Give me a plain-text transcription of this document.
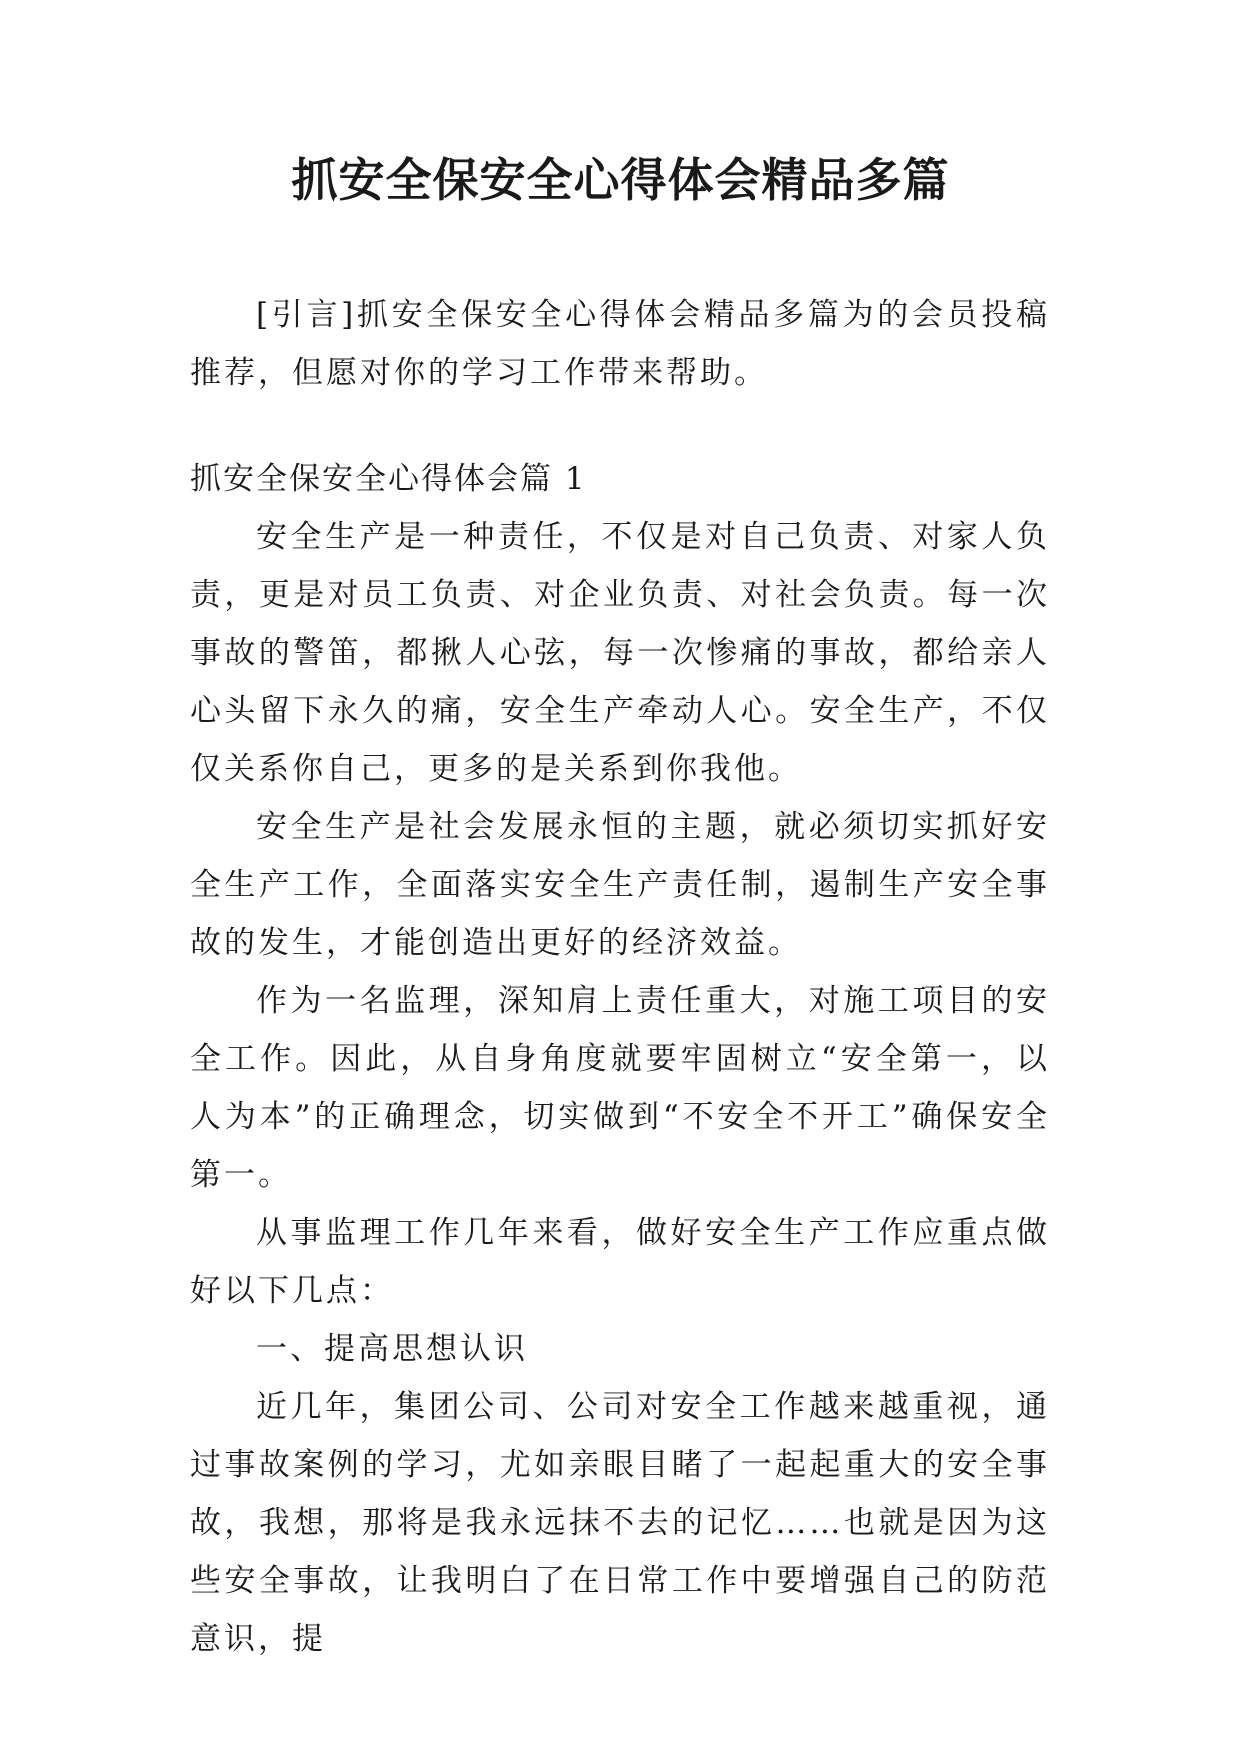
抓安全保安全心得体会精品多篇

[引言]抓安全保安全心得体会精品多篇为的会员投稿推荐，但愿对你的学习工作带来帮助。

抓安全保安全心得体会篇 1

安全生产是一种责任，不仅是对自己负责、对家人负责，更是对员工负责、对企业负责、对社会负责。每一次事故的警笛，都揪人心弦，每一次惨痛的事故，都给亲人心头留下永久的痛，安全生产牵动人心。安全生产，不仅仅关系你自己，更多的是关系到你我他。

安全生产是社会发展永恒的主题，就必须切实抓好安全生产工作，全面落实安全生产责任制，遏制生产安全事故的发生，才能创造出更好的经济效益。

作为一名监理，深知肩上责任重大，对施工项目的安全工作。因此，从自身角度就要牢固树立“安全第一，以人为本”的正确理念，切实做到“不安全不开工”确保安全第一。

从事监理工作几年来看，做好安全生产工作应重点做好以下几点：

一、提高思想认识

近几年，集团公司、公司对安全工作越来越重视，通过事故案例的学习，尤如亲眼目睹了一起起重大的安全事故，我想，那将是我永远抹不去的记忆……也就是因为这些安全事故，让我明白了在日常工作中要增强自己的防范意识，提
